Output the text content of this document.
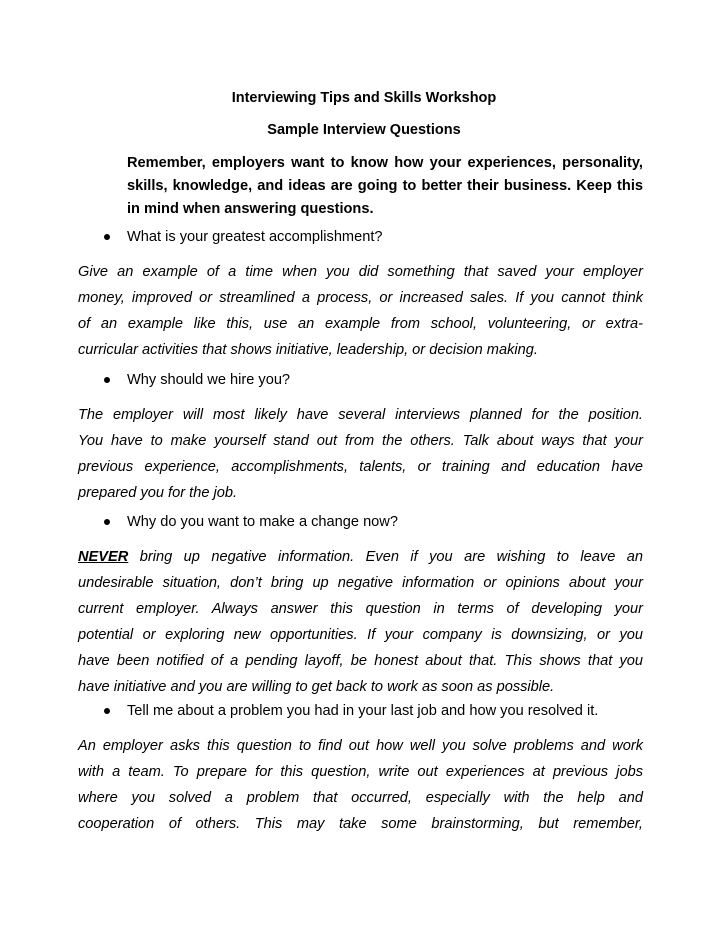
Interviewing Tips and Skills Workshop
Sample Interview Questions
Remember, employers want to know how your experiences, personality,
skills, knowledge, and ideas are going to better their business. Keep this
in mind when answering questions.
What is your greatest accomplishment?
Give an example of a time when you did something that saved your employer
money, improved or streamlined a process, or increased sales. If you cannot think
of an example like this, use an example from school, volunteering, or extra-
curricular activities that shows initiative, leadership, or decision making.
Why should we hire you?
The employer will most likely have several interviews planned for the position.
You have to make yourself stand out from the others. Talk about ways that your
previous experience, accomplishments, talents, or training and education have
prepared you for the job.
Why do you want to make a change now?
NEVER bring up negative information. Even if you are wishing to leave an
undesirable situation, don’t bring up negative information or opinions about your
current employer. Always answer this question in terms of developing your
potential or exploring new opportunities. If your company is downsizing, or you
have been notified of a pending layoff, be honest about that. This shows that you
have initiative and you are willing to get back to work as soon as possible.
Tell me about a problem you had in your last job and how you resolved it.
An employer asks this question to find out how well you solve problems and work
with a team. To prepare for this question, write out experiences at previous jobs
where you solved a problem that occurred, especially with the help and
cooperation of others. This may take some brainstorming, but remember,
